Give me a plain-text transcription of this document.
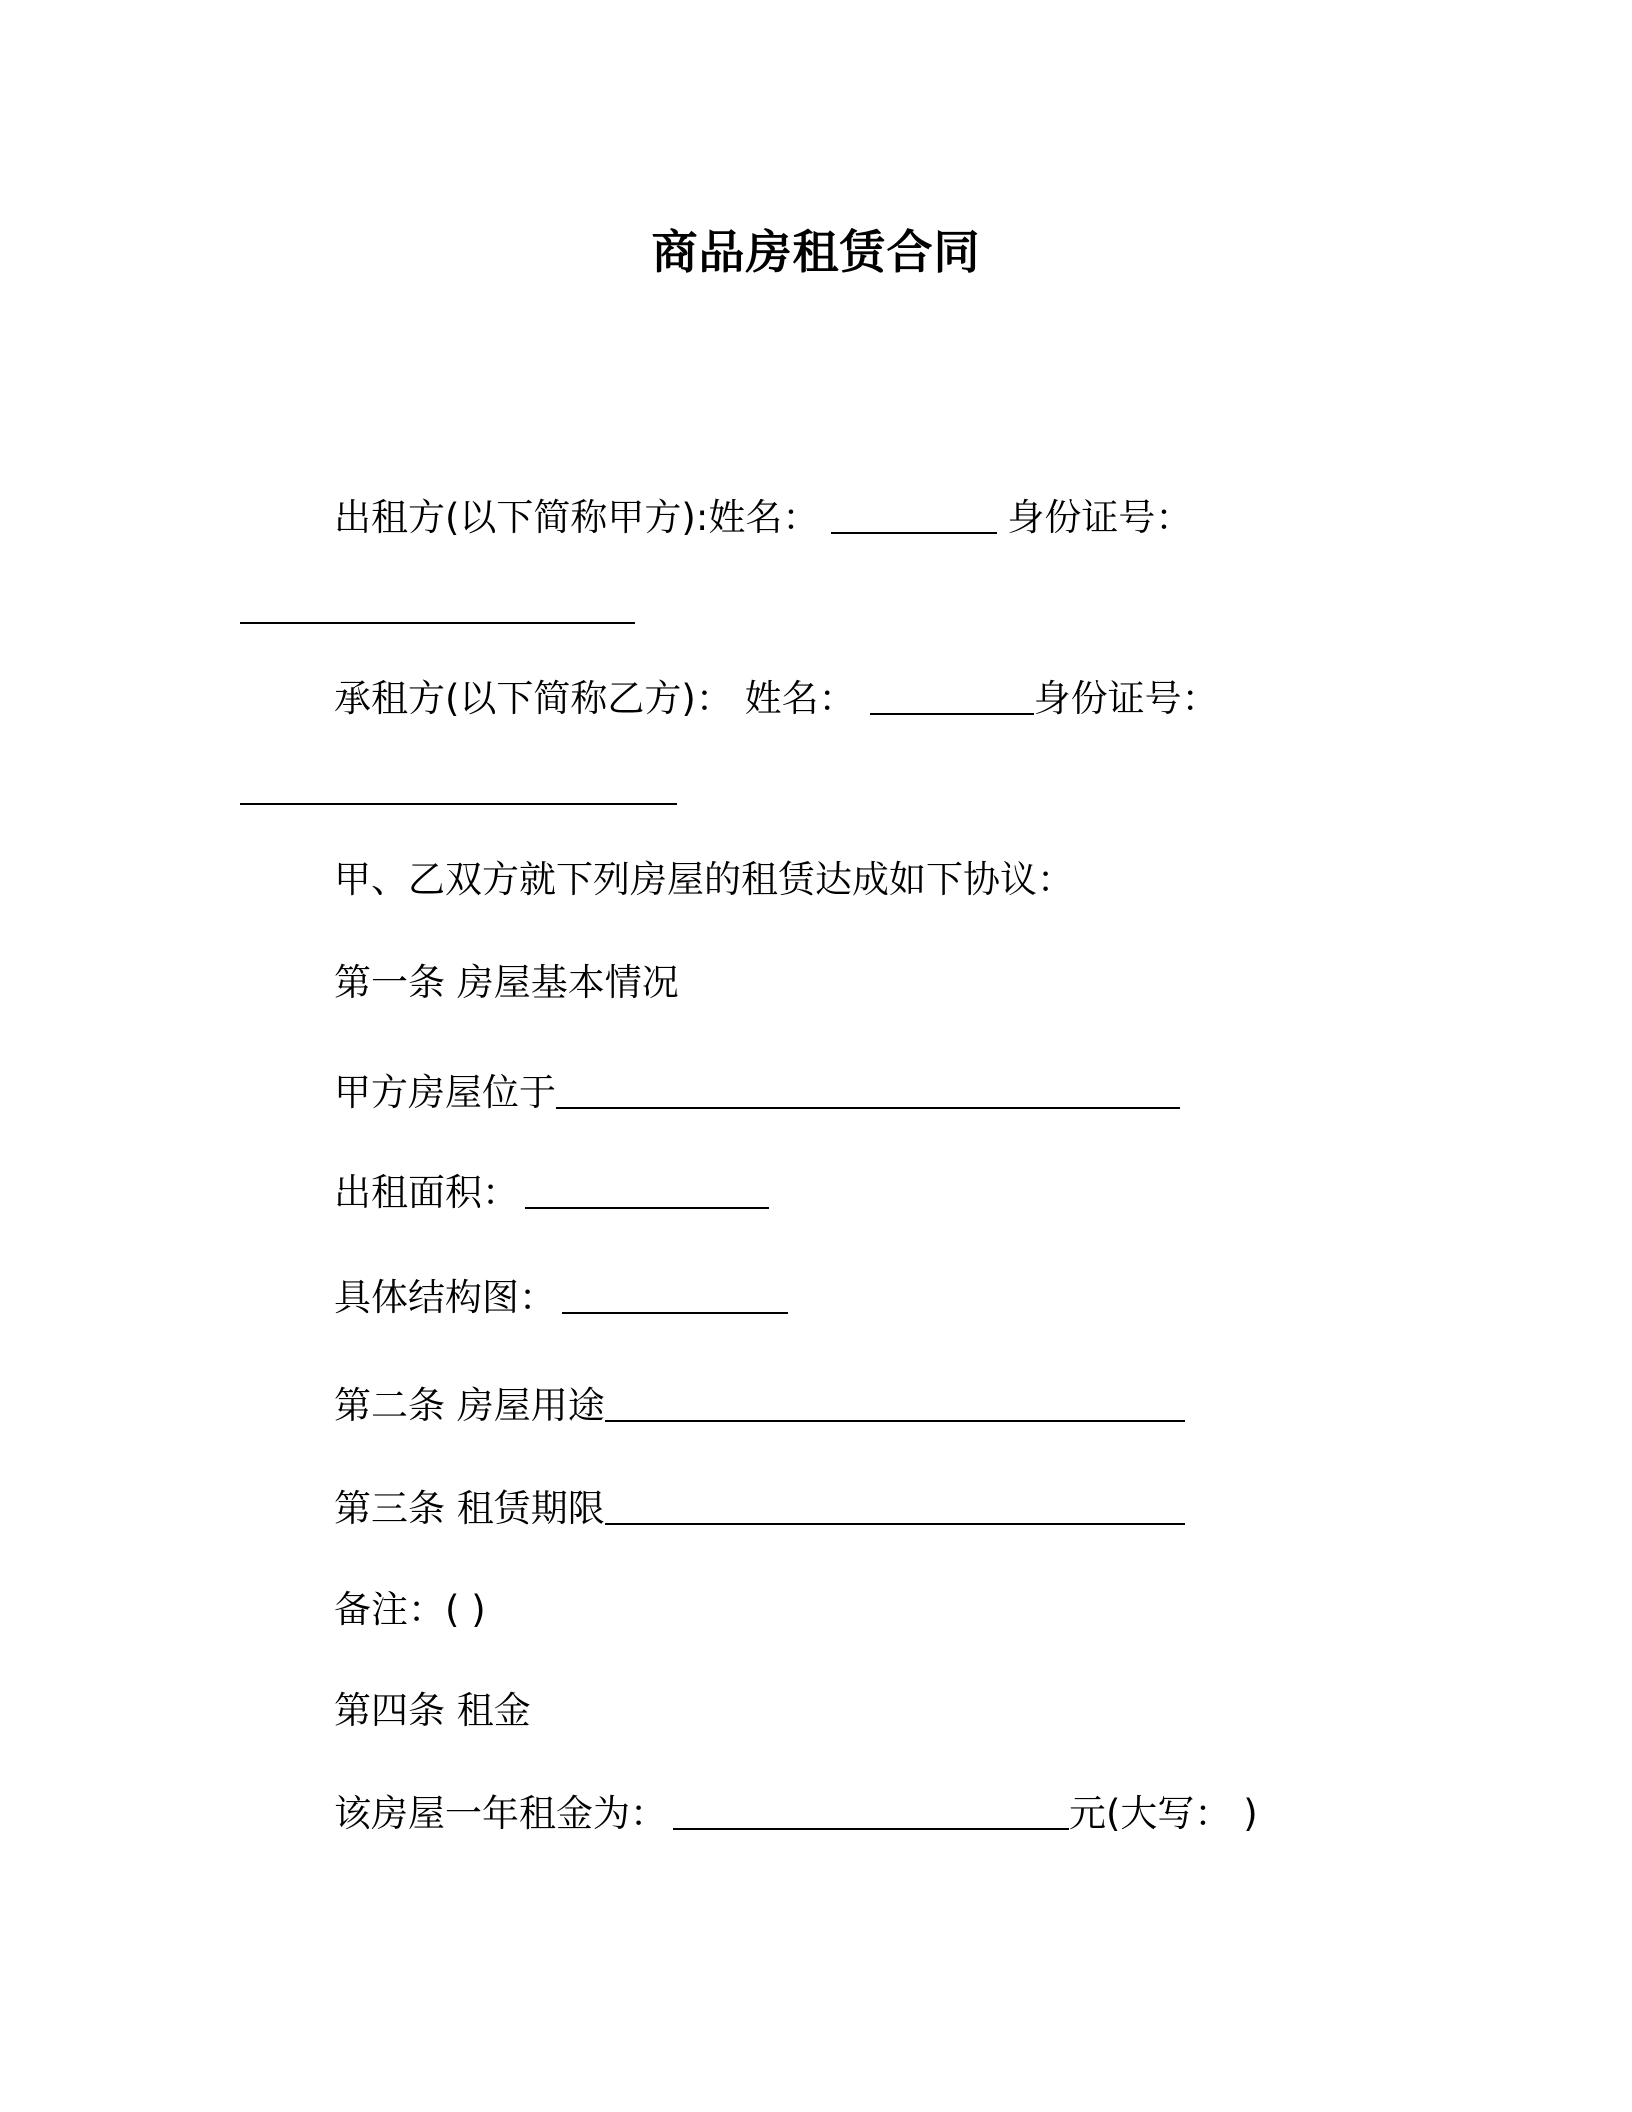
商品房租赁合同
出租方(以下简称甲方):姓名：	身份证号：
承租方(以下简称乙方)： 姓名：	身份证号：
甲、乙双方就下列房屋的租赁达成如下协议：
第一条 房屋基本情况
甲方房屋位于
出租面积：
具体结构图：
第二条 房屋用途
第三条 租赁期限
备注：( )
第四条 租金
该房屋一年租金为：	元(大写： )
